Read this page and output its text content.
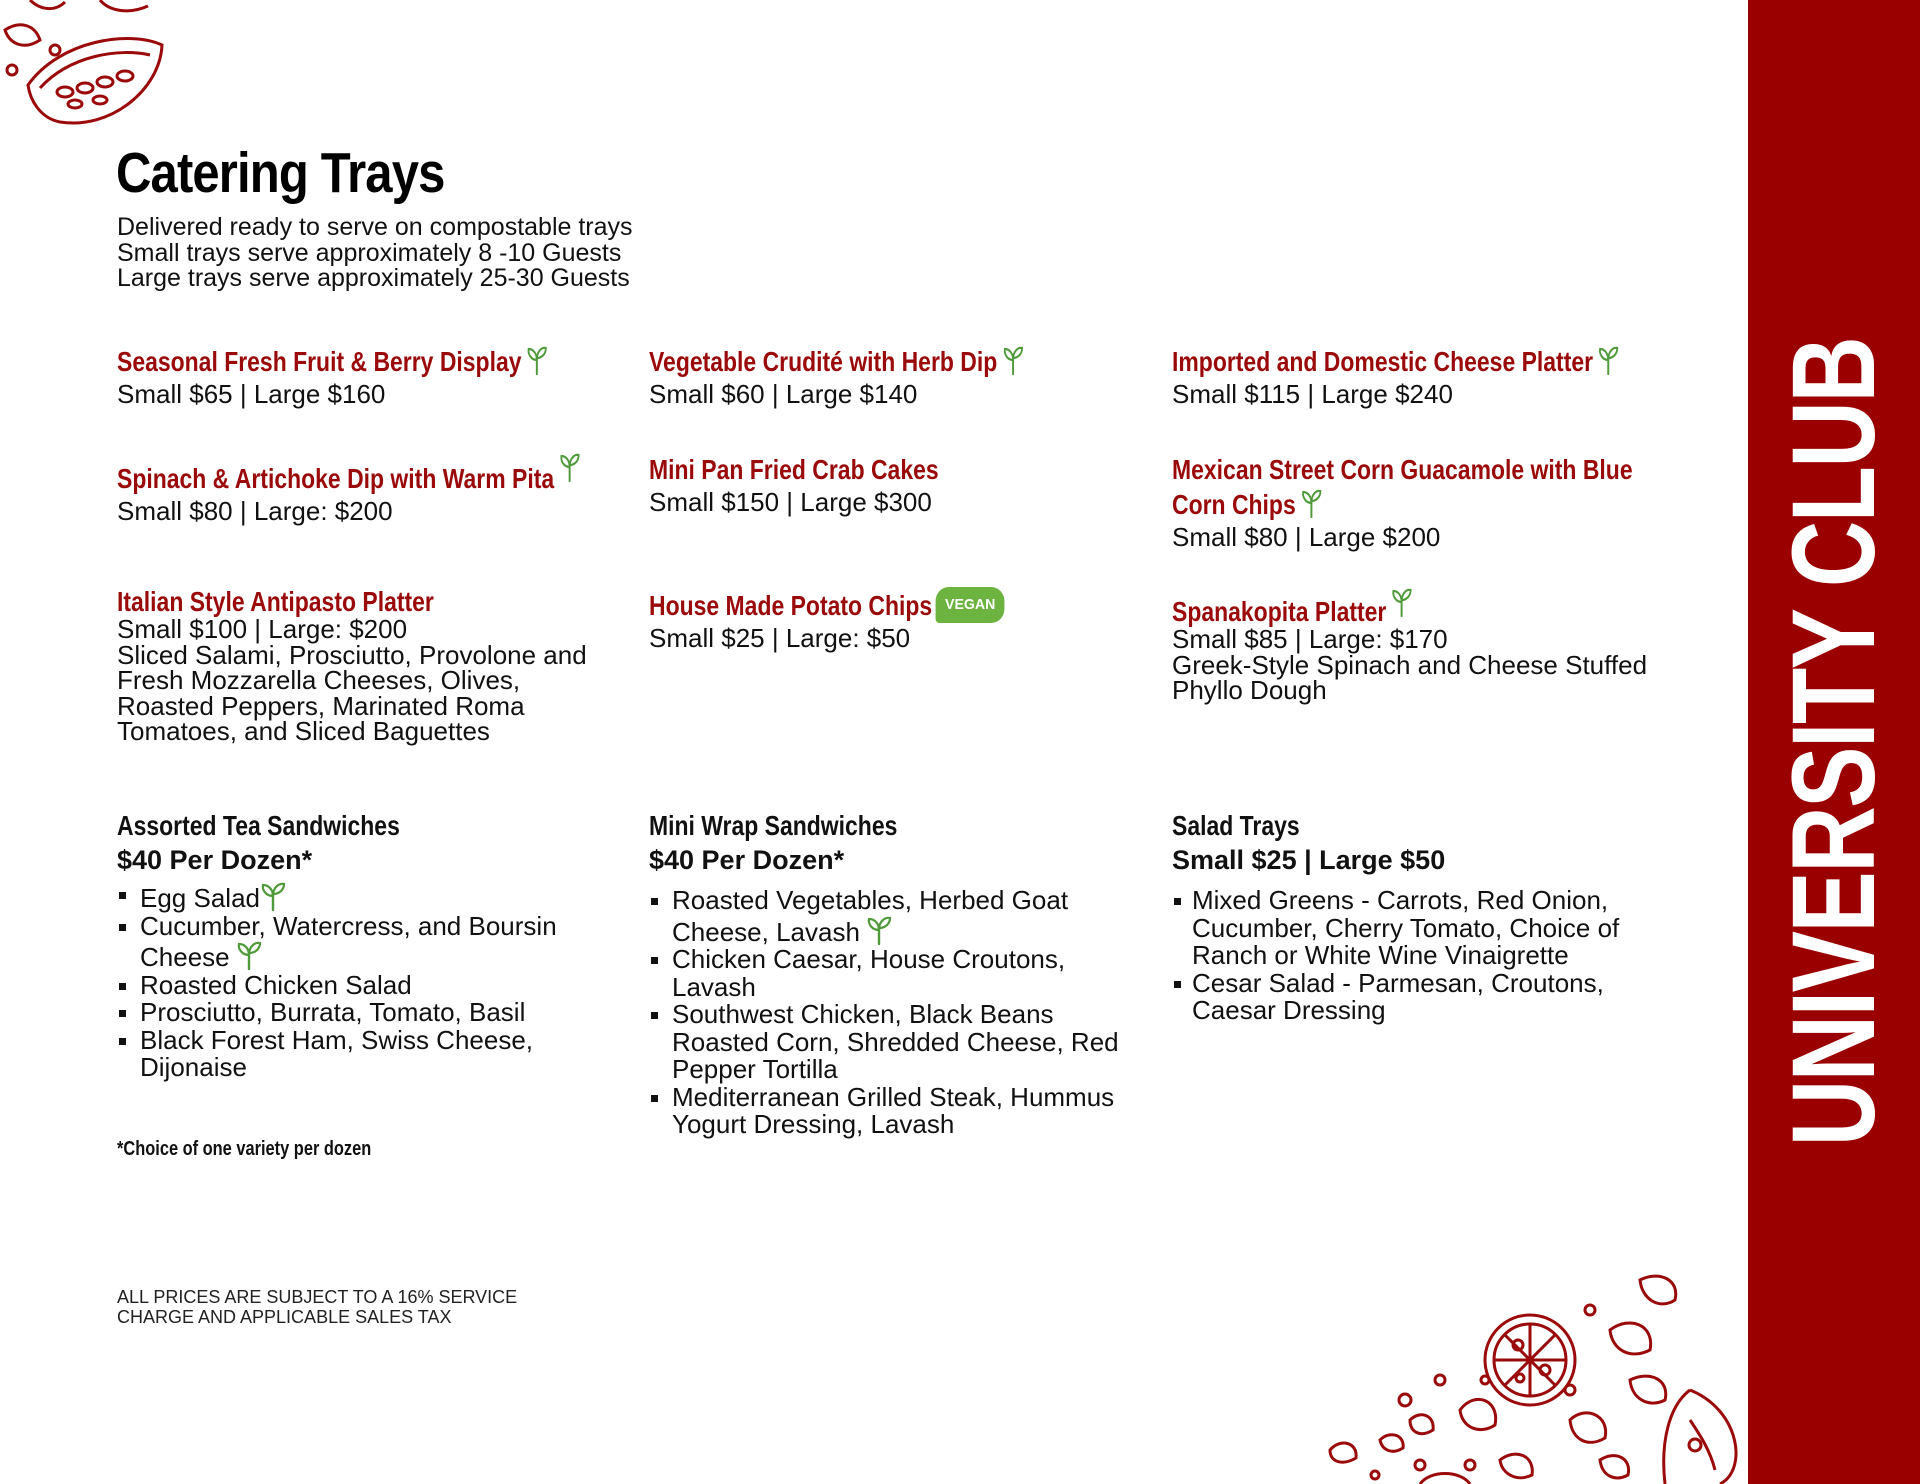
Catering Trays
Delivered ready to serve on compostable trays
Small trays serve approximately 8 -10 Guests
Large trays serve approximately 25-30 Guests
Seasonal Fresh Fruit & Berry Display
Small $65 | Large $160
Vegetable Crudité with Herb Dip
Small $60 | Large $140
Imported and Domestic Cheese Platter
Small $115 | Large $240
Spinach & Artichoke Dip with Warm Pita
Small $80 | Large: $200
Mini Pan Fried Crab Cakes
Small $150 | Large $300
Mexican Street Corn Guacamole with Blue
Corn Chips
Small $80 | Large $200
Italian Style Antipasto Platter
Small $100 | Large: $200
Sliced Salami, Prosciutto, Provolone and
Fresh Mozzarella Cheeses, Olives,
Roasted Peppers, Marinated Roma
Tomatoes, and Sliced Baguettes
House Made Potato Chips VEGAN
Small $25 | Large: $50
Spanakopita Platter
Small $85 | Large: $170
Greek-Style Spinach and Cheese Stuffed
Phyllo Dough
Assorted Tea Sandwiches
$40 Per Dozen*
Egg Salad
Cucumber, Watercress, and Boursin
Cheese
Roasted Chicken Salad
Prosciutto, Burrata, Tomato, Basil
Black Forest Ham, Swiss Cheese,
Dijonaise
Mini Wrap Sandwiches
$40 Per Dozen*
Roasted Vegetables, Herbed Goat
Cheese, Lavash
Chicken Caesar, House Croutons,
Lavash
Southwest Chicken, Black Beans
Roasted Corn, Shredded Cheese, Red
Pepper Tortilla
Mediterranean Grilled Steak, Hummus
Yogurt Dressing, Lavash
Salad Trays
Small $25 | Large $50
Mixed Greens - Carrots, Red Onion,
Cucumber, Cherry Tomato, Choice of
Ranch or White Wine Vinaigrette
Cesar Salad - Parmesan, Croutons,
Caesar Dressing
*Choice of one variety per dozen
ALL PRICES ARE SUBJECT TO A 16% SERVICE
CHARGE AND APPLICABLE SALES TAX
UNIVERSITY CLUB
